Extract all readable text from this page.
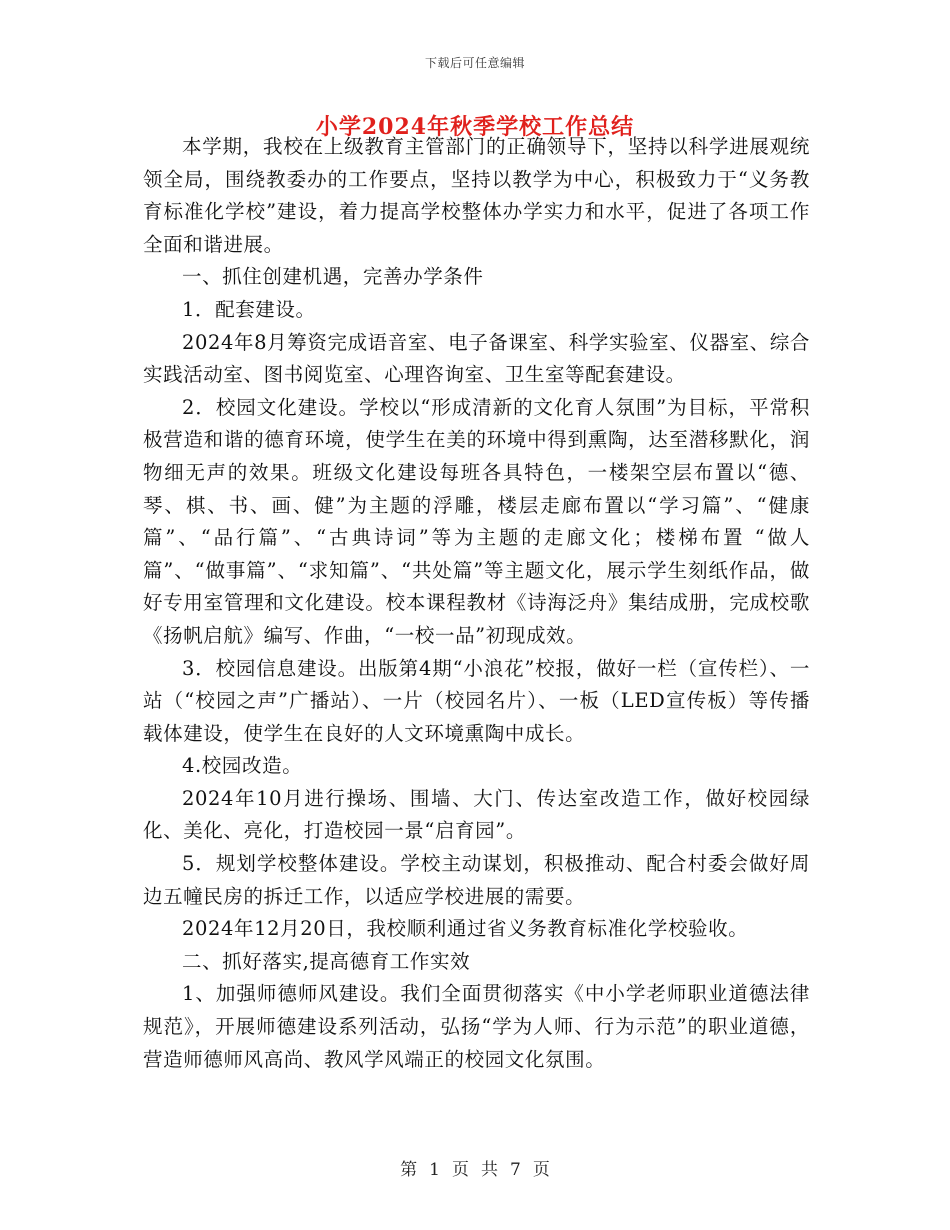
下载后可任意编辑
小学2024年秋季学校工作总结

本学期，我校在上级教育主管部门的正确领导下，坚持以科学进展观统领全局，围绕教委办的工作要点，坚持以教学为中心，积极致力于“义务教育标准化学校”建设，着力提高学校整体办学实力和水平，促进了各项工作全面和谐进展。

一、抓住创建机遇，完善办学条件

1．配套建设。

2024年8月筹资完成语音室、电子备课室、科学实验室、仪器室、综合实践活动室、图书阅览室、心理咨询室、卫生室等配套建设。

2．校园文化建设。学校以“形成清新的文化育人氛围”为目标，平常积极营造和谐的德育环境，使学生在美的环境中得到熏陶，达至潜移默化，润物细无声的效果。班级文化建设每班各具特色，一楼架空层布置以“德、琴、棋、书、画、健”为主题的浮雕，楼层走廊布置以“学习篇”、“健康篇”、“品行篇”、“古典诗词”等为主题的走廊文化；楼梯布置 “做人篇”、“做事篇”、“求知篇”、“共处篇”等主题文化，展示学生刻纸作品，做好专用室管理和文化建设。校本课程教材《诗海泛舟》集结成册，完成校歌《扬帆启航》编写、作曲，“一校一品”初现成效。

3．校园信息建设。出版第4期“小浪花”校报，做好一栏（宣传栏）、一站（“校园之声”广播站）、一片（校园名片）、一板（LED宣传板）等传播载体建设，使学生在良好的人文环境熏陶中成长。

4.校园改造。

2024年10月进行操场、围墙、大门、传达室改造工作，做好校园绿化、美化、亮化，打造校园一景“启育园”。

5．规划学校整体建设。学校主动谋划，积极推动、配合村委会做好周边五幢民房的拆迁工作，以适应学校进展的需要。

2024年12月20日，我校顺利通过省义务教育标准化学校验收。

二、抓好落实,提高德育工作实效

1、加强师德师风建设。我们全面贯彻落实《中小学老师职业道德法律规范》，开展师德建设系列活动，弘扬“学为人师、行为示范”的职业道德，营造师德师风高尚、教风学风端正的校园文化氛围。

第 1 页 共 7 页
